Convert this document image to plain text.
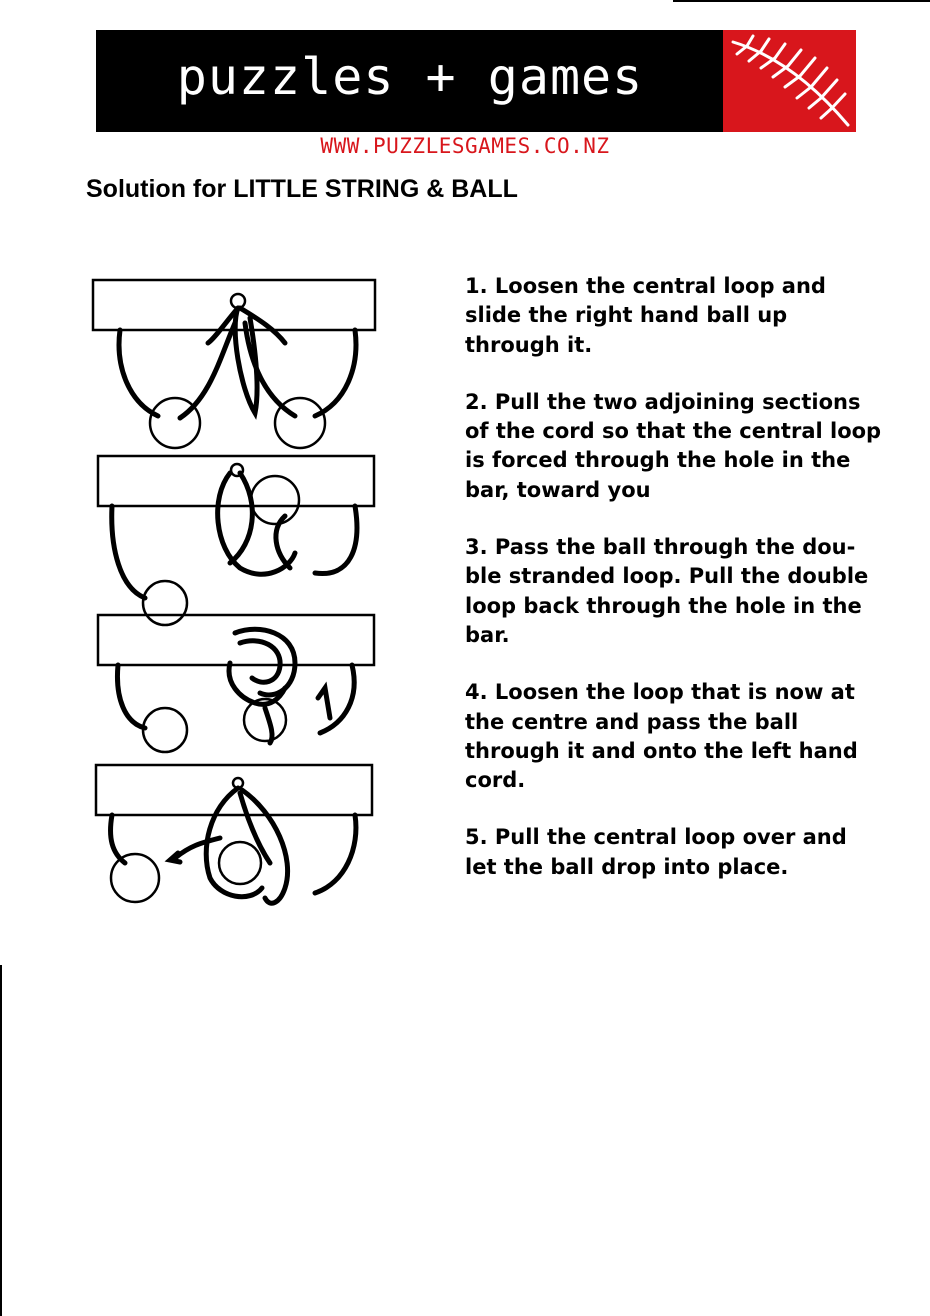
puzzles + games
WWW.PUZZLESGAMES.CO.NZ
Solution for LITTLE STRING & BALL

1. Loosen the central loop and slide the right hand ball up through it.

2. Pull the two adjoining sections of the cord so that the central loop is forced through the hole in the bar, toward you

3. Pass the ball through the dou-ble stranded loop. Pull the double loop back through the hole in the bar.

4. Loosen the loop that is now at the centre and pass the ball through it and onto the left hand cord.

5. Pull the central loop over and let the ball drop into place.
